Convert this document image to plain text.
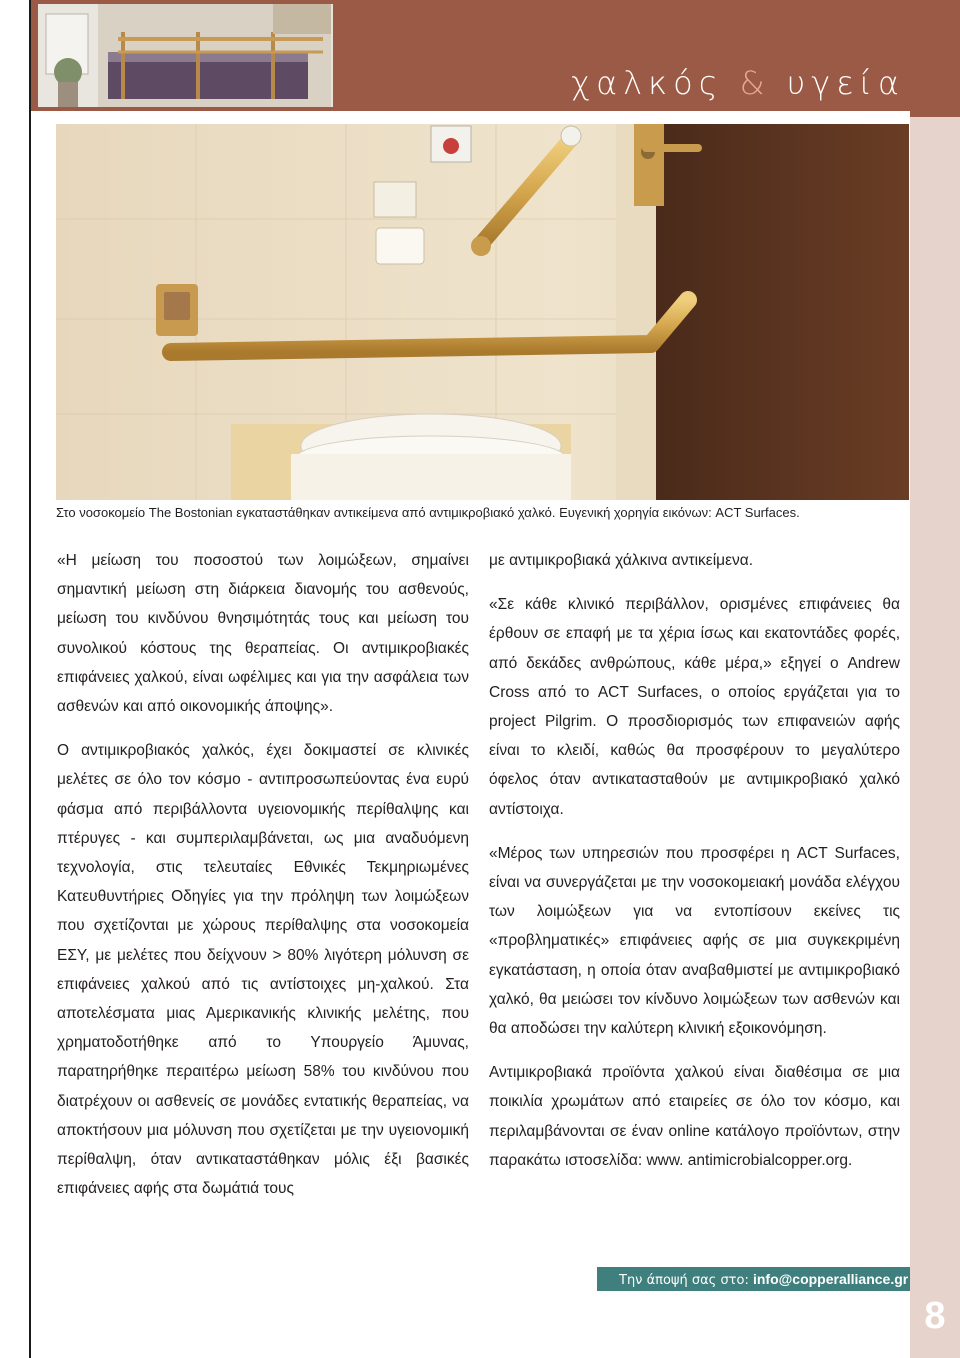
χαλκός & υγεία
Στο νοσοκομείο The Bostonian εγκαταστάθηκαν αντικείμενα από αντιμικροβιακό χαλκό. Ευγενική χορηγία εικόνων: ACT Surfaces.

«Η μείωση του ποσοστού των λοιμώξεων, σημαίνει σημαντική μείωση στη διάρκεια διανομής του ασθενούς, μείωση του κινδύνου θνησιμότητάς τους και μείωση του συνολικού κόστους της θεραπείας. Οι αντιμικροβιακές επιφάνειες χαλκού, είναι ωφέλιμες και για την ασφάλεια των ασθενών και από οικονομικής άποψης».

Ο αντιμικροβιακός χαλκός, έχει δοκιμαστεί σε κλινικές μελέτες σε όλο τον κόσμο - αντιπροσωπεύοντας ένα ευρύ φάσμα από περιβάλλοντα υγειονομικής περίθαλψης και πτέρυγες - και συμπεριλαμβάνεται, ως μια αναδυόμενη τεχνολογία, στις τελευταίες Εθνικές Τεκμηριωμένες Κατευθυντήριες Οδηγίες για την πρόληψη των λοιμώξεων που σχετίζονται με χώρους περίθαλψης στα νοσοκομεία ΕΣΥ, με μελέτες που δείχνουν > 80% λιγότερη μόλυνση σε επιφάνειες χαλκού από τις αντίστοιχες μη-χαλκού. Στα αποτελέσματα μιας Αμερικανικής κλινικής μελέτης, που χρηματοδοτήθηκε από το Υπουργείο Άμυνας, παρατηρήθηκε περαιτέρω μείωση 58% του κινδύνου που διατρέχουν οι ασθενείς σε μονάδες εντατικής θεραπείας, να αποκτήσουν μια μόλυνση που σχετίζεται με την υγειονομική περίθαλψη, όταν αντικαταστάθηκαν μόλις έξι βασικές επιφάνειες αφής στα δωμάτιά τους

με αντιμικροβιακά χάλκινα αντικείμενα.

«Σε κάθε κλινικό περιβάλλον, ορισμένες επιφάνειες θα έρθουν σε επαφή με τα χέρια ίσως και εκατοντάδες φορές, από δεκάδες ανθρώπους, κάθε μέρα,» εξηγεί ο Andrew Cross από το ACT Surfaces, ο οποίος εργάζεται για το project Pilgrim. Ο προσδιορισμός των επιφανειών αφής είναι το κλειδί, καθώς θα προσφέρουν το μεγαλύτερο όφελος όταν αντικατασταθούν με αντιμικροβιακό χαλκό αντίστοιχα.

«Μέρος των υπηρεσιών που προσφέρει η ACT Surfaces, είναι να συνεργάζεται με την νοσοκομειακή μονάδα ελέγχου των λοιμώξεων για να εντοπίσουν εκείνες τις «προβληματικές» επιφάνειες αφής σε μια συγκεκριμένη εγκατάσταση, η οποία όταν αναβαθμιστεί με αντιμικροβιακό χαλκό, θα μειώσει τον κίνδυνο λοιμώξεων των ασθενών και θα αποδώσει την καλύτερη κλινική εξοικονόμηση.

Αντιμικροβιακά προϊόντα χαλκού είναι διαθέσιμα σε μια ποικιλία χρωμάτων από εταιρείες σε όλο τον κόσμο, και περιλαμβάνονται σε έναν online κατάλογο προϊόντων, στην παρακάτω ιστοσελίδα: www. antimicrobialcopper.org.

Την άποψή σας στο: info@copperalliance.gr
8
